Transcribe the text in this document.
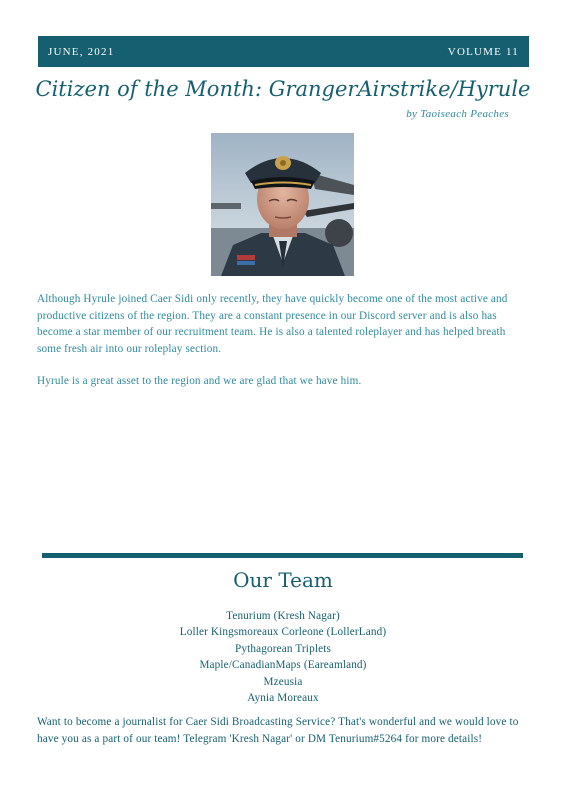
JUNE, 2021	VOLUME 11
Citizen of the Month: GrangerAirstrike/Hyrule
by Taoiseach Peaches

Although Hyrule joined Caer Sidi only recently, they have quickly become one of the most active and productive citizens of the region. They are a constant presence in our Discord server and is also has become a star member of our recruitment team. He is also a talented roleplayer and has helped breath some fresh air into our roleplay section.

Hyrule is a great asset to the region and we are glad that we have him.

Our Team
Tenurium (Kresh Nagar)
Loller Kingsmoreaux Corleone (LollerLand)
Pythagorean Triplets
Maple/CanadianMaps (Eareamland)
Mzeusia
Aynia Moreaux

Want to become a journalist for Caer Sidi Broadcasting Service? That's wonderful and we would love to have you as a part of our team! Telegram 'Kresh Nagar' or DM Tenurium#5264 for more details!
